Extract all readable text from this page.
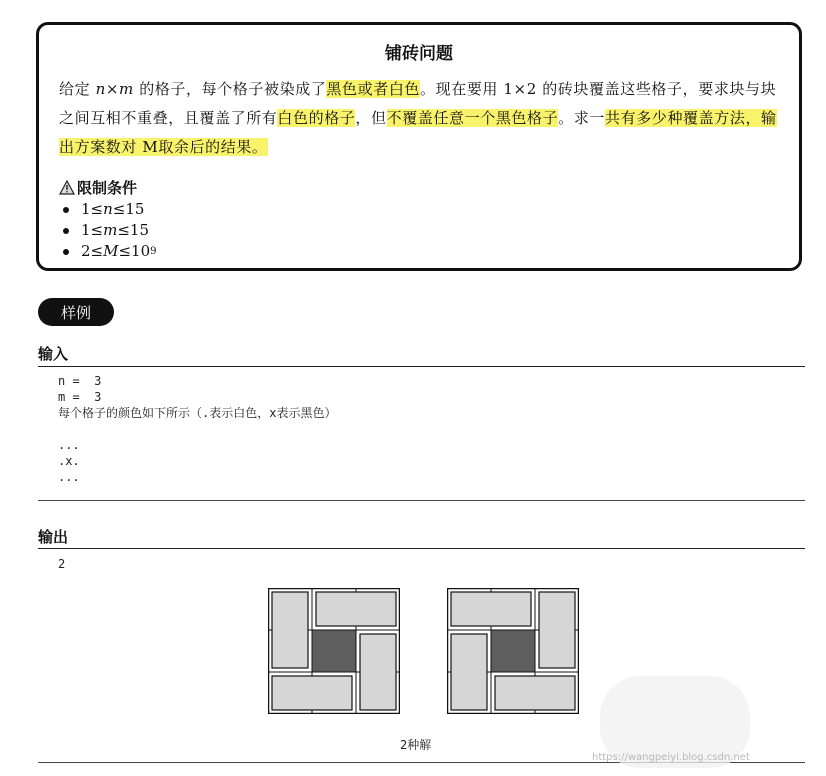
铺砖问题
给定 n×m 的格子，每个格子被染成了黑色或者白色。现在要用 1×2 的砖块覆盖这些格子，要求块与块之间互相不重叠，且覆盖了所有白色的格子，但不覆盖任意一个黑色格子。求一共有多少种覆盖方法，输出方案数对 M取余后的结果。
限制条件
1≤ n ≤15
1≤ m ≤15
2≤ M ≤10 9
样例
输入
n =  3
m =  3
每个格子的颜色如下所示（.表示白色，x表示黑色）
...
.x.
...
输出
2
2种解
https://wangpeiyi.blog.csdn.net
